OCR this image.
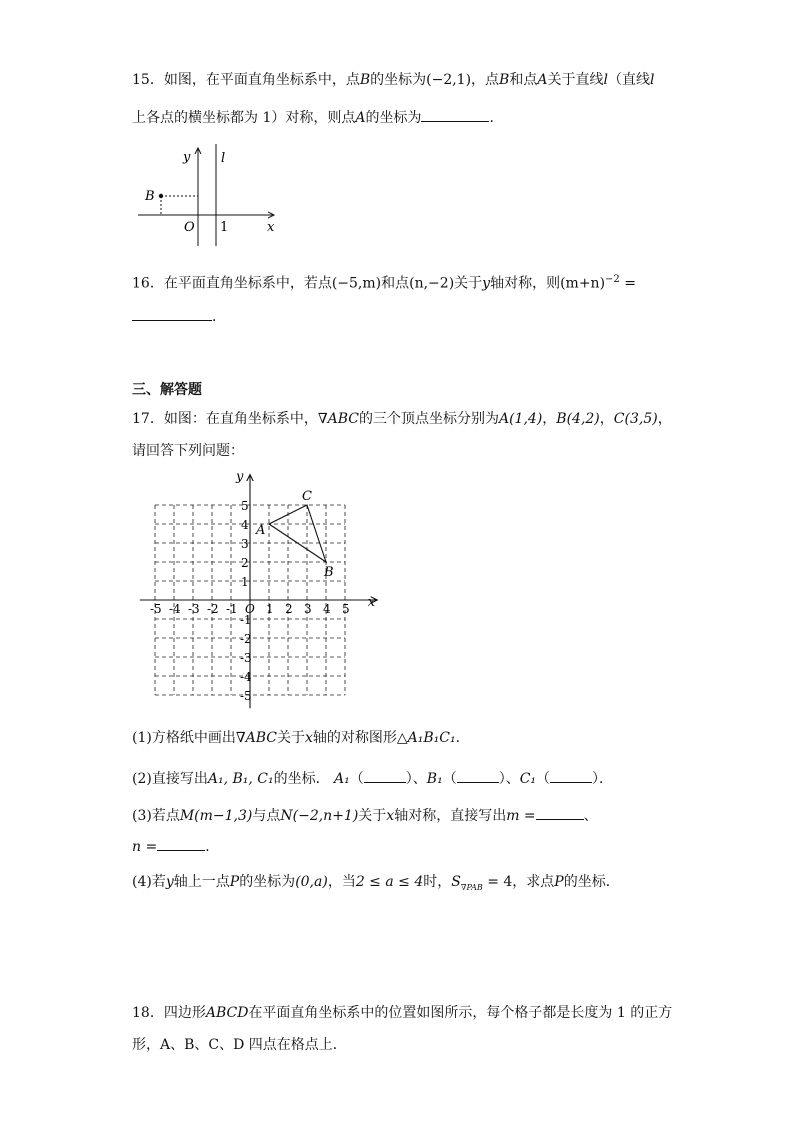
15．如图，在平面直角坐标系中，点B的坐标为(−2,1)，点B和点A关于直线l（直线l
上各点的横坐标都为 1）对称，则点A的坐标为	．
y l
B
O 1	x
16．在平面直角坐标系中，若点(−5,m)和点(n,−2)关于y轴对称，则$(m+n)^{-2}$ =
．
三、解答题
17．如图：在直角坐标系中，∇ABC的三个顶点坐标分别为A(1,4)，B(4,2)，C(3,5)，
请回答下列问题：
-5 -4 -3 -2 -1 1 2 3 4 5
5
4
3
2
1
-1
-2
-3
-4
-5
O
y
x
A
B
C
(1)方格纸中画出∇ABC关于x轴的对称图形△A₁B₁C₁．
(2)直接写出A₁, B₁, C₁的坐标． A₁（	）、B₁（	）、C₁（	）．
(3)若点M(m−1,3)与点N(−2,n+1)关于x轴对称，直接写出m =	、
n =	．
(4)若y轴上一点P的坐标为(0,a)，当2 ≤ a ≤ 4时，$S_{\nabla PAB} = 4$，求点P的坐标．
18．四边形ABCD在平面直角坐标系中的位置如图所示，每个格子都是长度为 1 的正方
形，A、B、C、D 四点在格点上．
